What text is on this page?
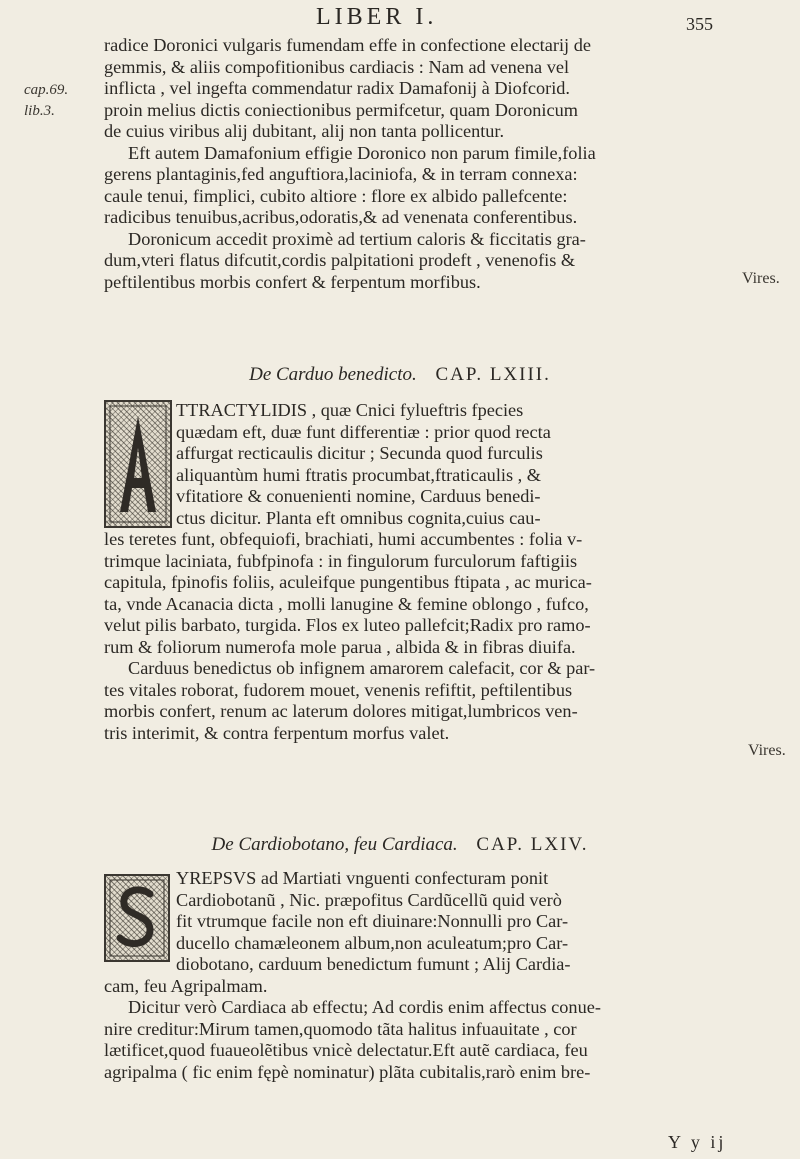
LIBER I.	355
cap.69.
lib.3.
Vires.
radice Doronici vulgaris fumendam effe in confectione electarij de
gemmis, & aliis compofitionibus cardiacis : Nam ad venena vel
inflicta , vel ingefta commendatur radix Damafonij à Diofcorid.
proin melius dictis coniectionibus permifcetur, quam Doronicum
de cuius viribus alij dubitant, alij non tanta pollicentur.
Eft autem Damafonium effigie Doronico non parum fimile,folia
gerens plantaginis,fed anguftiora,laciniofa, & in terram connexa:
caule tenui, fimplici, cubito altiore : flore ex albido pallefcente:
radicibus tenuibus,acribus,odoratis,& ad venenata conferentibus.
Doronicum accedit proximè ad tertium caloris & ficcitatis gra-
dum,vteri flatus difcutit,cordis palpitationi prodeft , venenofis &
peftilentibus morbis confert & ferpentum morfibus.
De Carduo benedicto. CAP. LXIII.
TTRACTYLIDIS , quæ Cnici fylueftris fpecies
quædam eft, duæ funt differentiæ : prior quod recta
affurgat recticaulis dicitur ; Secunda quod furculis
aliquantùm humi ftratis procumbat,ftraticaulis , &
vfitatiore & conuenienti nomine, Carduus benedi-
ctus dicitur. Planta eft omnibus cognita,cuius cau-
les teretes funt, obfequiofi, brachiati, humi accumbentes : folia v-
trimque laciniata, fubfpinofa : in fingulorum furculorum faftigiis
capitula, fpinofis foliis, aculeifque pungentibus ftipata , ac murica-
ta, vnde Acanacia dicta , molli lanugine & femine oblongo , fufco,
velut pilis barbato, turgida. Flos ex luteo pallefcit;Radix pro ramo-
rum & foliorum numerofa mole parua , albida & in fibras diuifa.
Carduus benedictus ob infignem amarorem calefacit, cor & par-
tes vitales roborat, fudorem mouet, venenis refiftit, peftilentibus
morbis confert, renum ac laterum dolores mitigat,lumbricos ven-
tris interimit, & contra ferpentum morfus valet.
Vires.
De Cardiobotano, feu Cardiaca. CAP. LXIV.
YREPSVS ad Martiati vnguenti confecturam ponit
Cardiobotanũ , Nic. præpofitus Cardũcellũ quid verò
fit vtrumque facile non eft diuinare:Nonnulli pro Car-
ducello chamæleonem album,non aculeatum;pro Car-
diobotano, carduum benedictum fumunt ; Alij Cardia-
cam, feu Agripalmam.
Dicitur verò Cardiaca ab effectu; Ad cordis enim affectus conue-
nire creditur:Mirum tamen,quomodo tãta halitus infuauitate , cor
lætificet,quod fuaueolẽtibus vnicè delectatur.Eft autẽ cardiaca, feu
agripalma ( fic enim fępè nominatur) plãta cubitalis,rarò enim bre-
Y y ij
